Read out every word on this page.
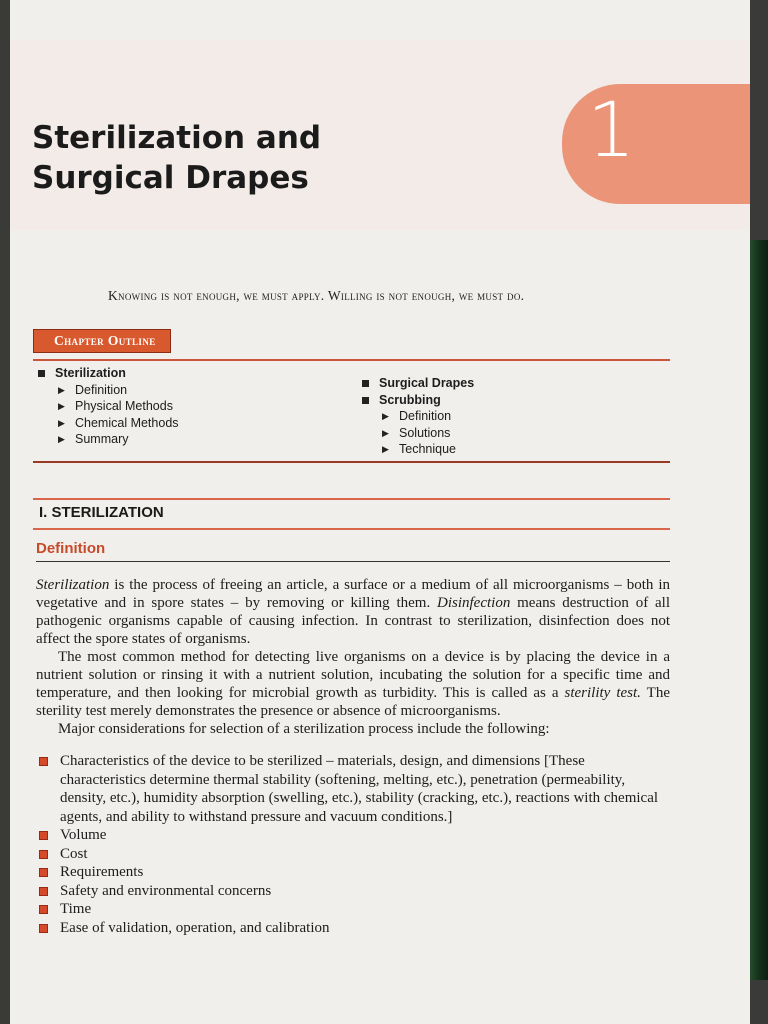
1
Sterilization and
Surgical Drapes
Knowing is not enough, we must apply. Willing is not enough, we must do.
Chapter Outline
Sterilization
▶ Definition
▶ Physical Methods
▶ Chemical Methods
▶ Summary
Surgical Drapes
Scrubbing
▶ Definition
▶ Solutions
▶ Technique
I. STERILIZATION
Definition

Sterilization is the process of freeing an article, a surface or a medium of all microorganisms – both in vegetative and in spore states – by removing or killing them. Disinfection means destruction of all pathogenic organisms capable of causing infection. In contrast to sterilization, disinfection does not affect the spore states of organisms.

The most common method for detecting live organisms on a device is by placing the device in a nutrient solution or rinsing it with a nutrient solution, incubating the solution for a specific time and temperature, and then looking for microbial growth as turbidity. This is called as a sterility test. The sterility test merely demonstrates the presence or absence of microorganisms.

Major considerations for selection of a sterilization process include the following:

Characteristics of the device to be sterilized – materials, design, and dimensions [These characteristics determine thermal stability (softening, melting, etc.), penetration (permeability, density, etc.), humidity absorption (swelling, etc.), stability (cracking, etc.), reactions with chemical agents, and ability to withstand pressure and vacuum conditions.]
Volume
Cost
Requirements
Safety and environmental concerns
Time
Ease of validation, operation, and calibration
